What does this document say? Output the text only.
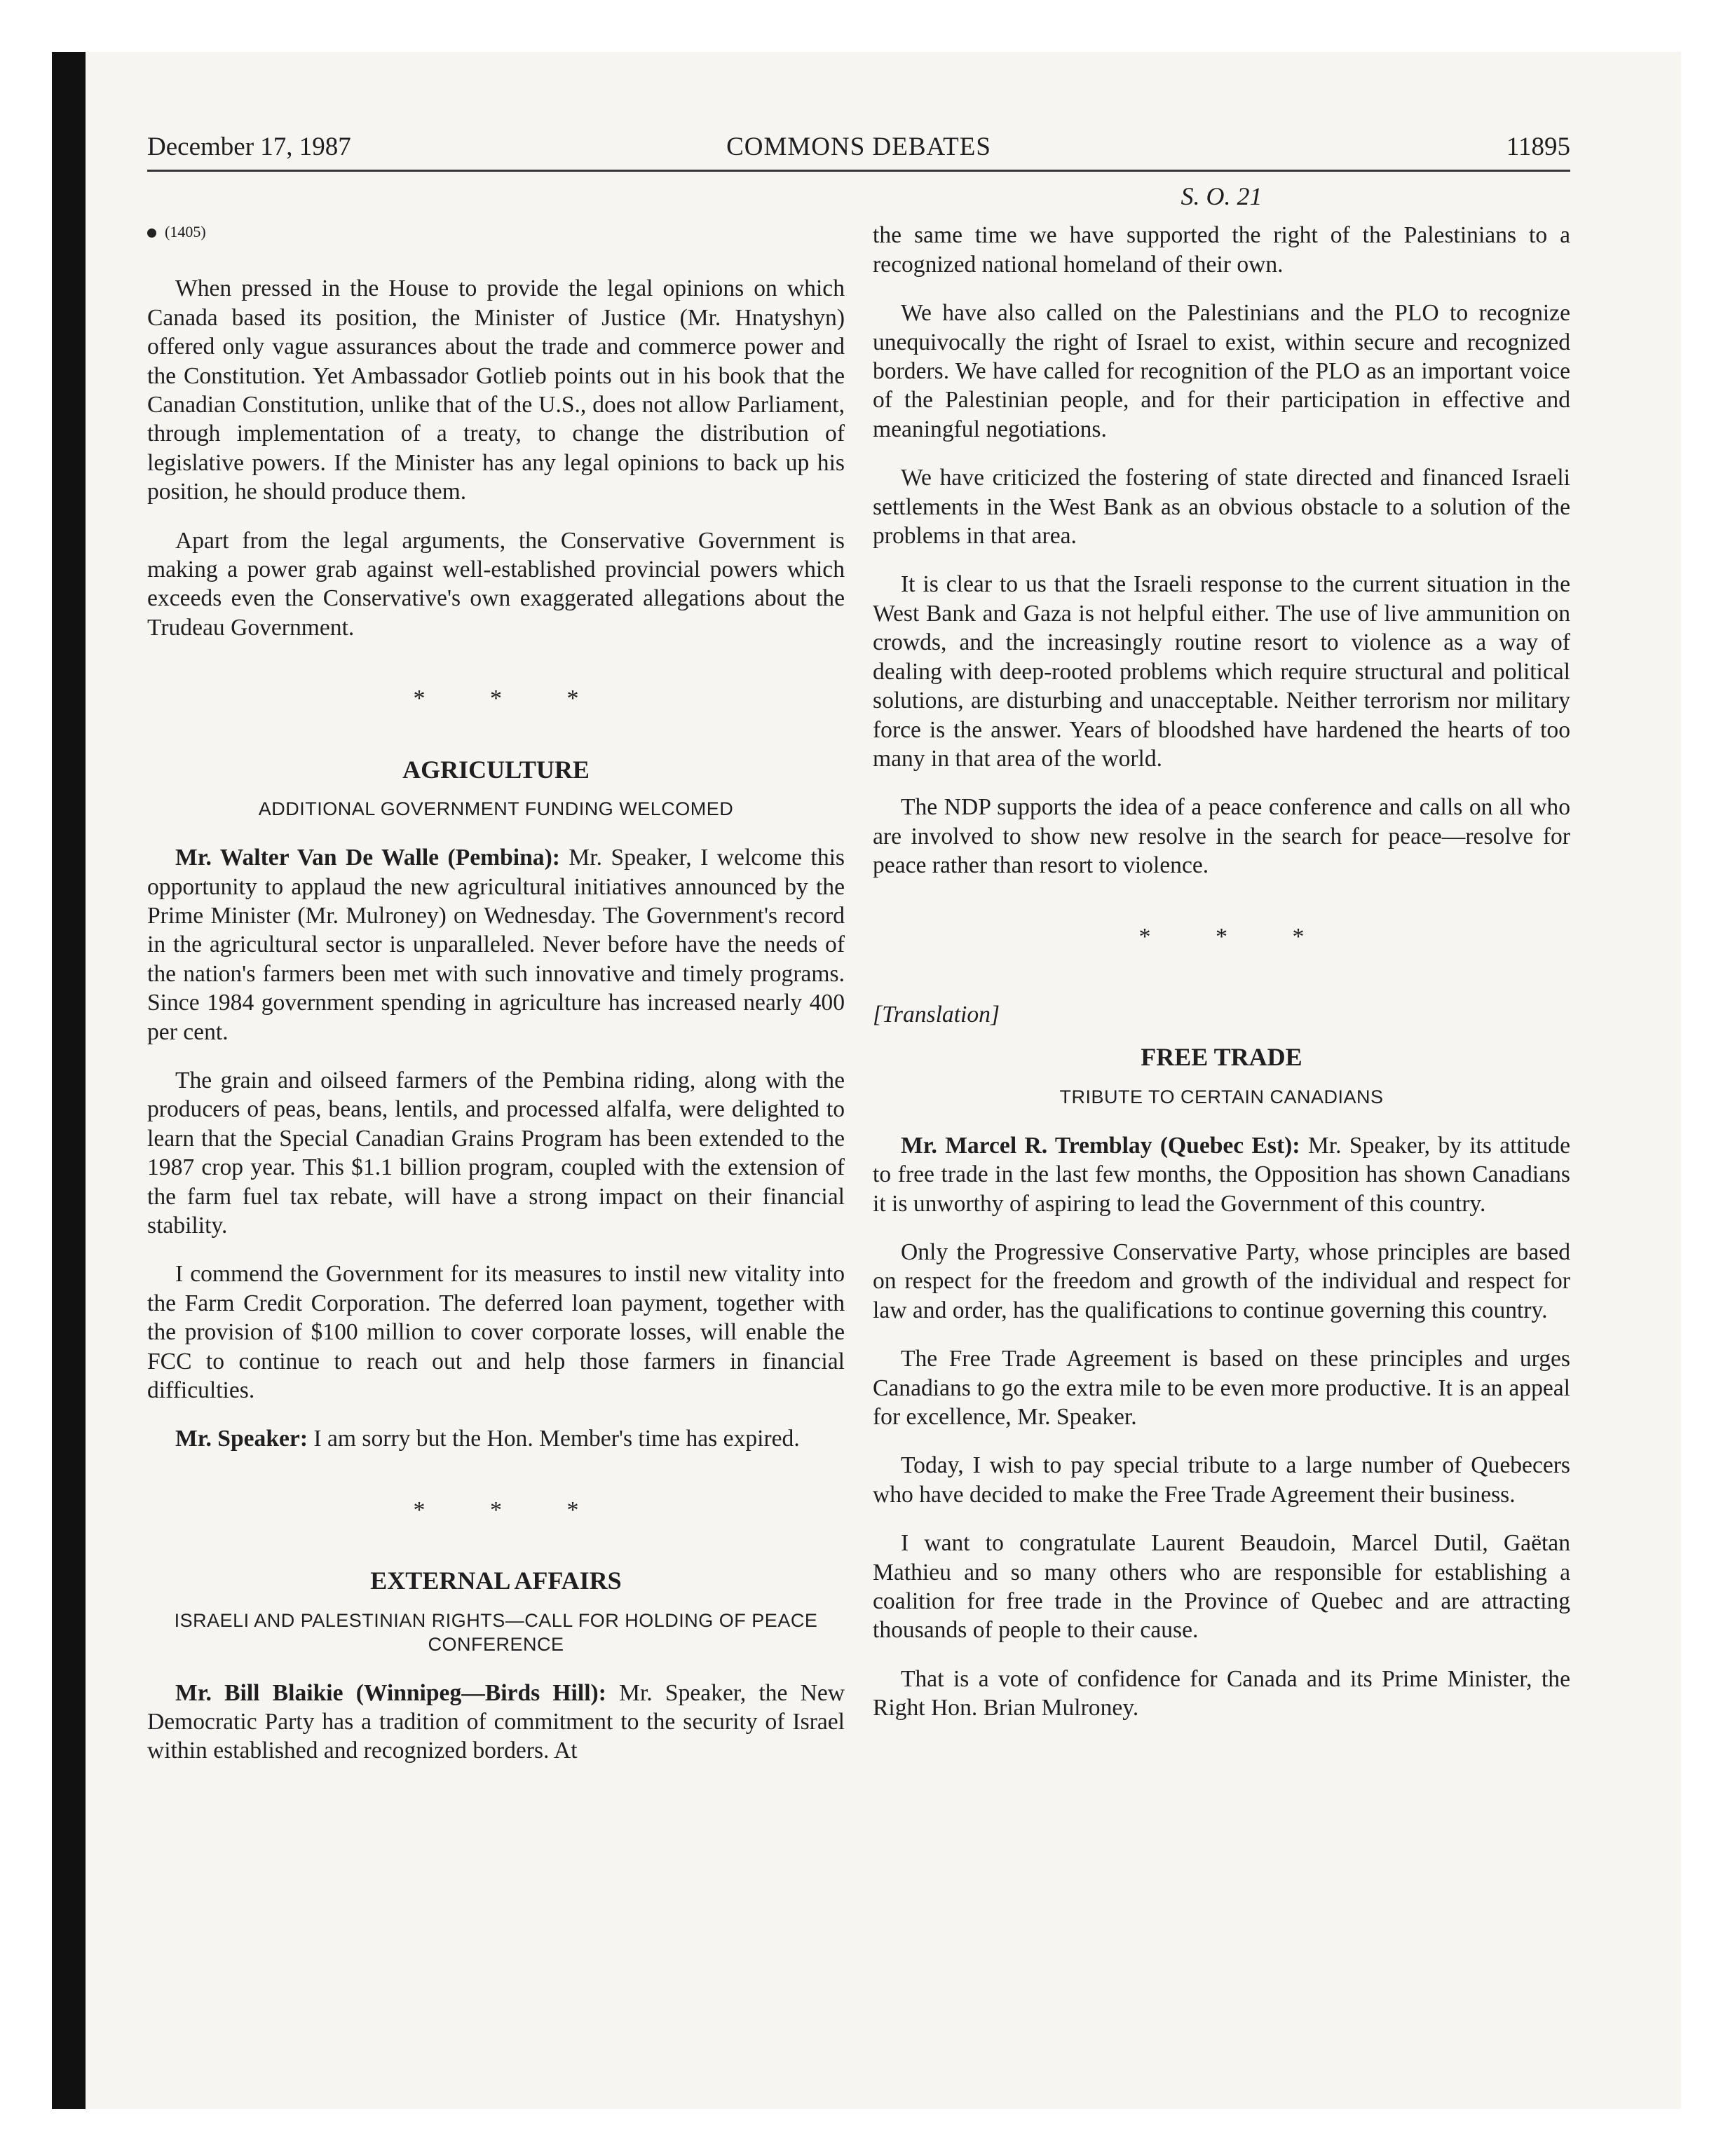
December 17, 1987	COMMONS DEBATES	11895

(1405)

When pressed in the House to provide the legal opinions on which Canada based its position, the Minister of Justice (Mr. Hnatyshyn) offered only vague assurances about the trade and commerce power and the Constitution. Yet Ambassador Gotlieb points out in his book that the Canadian Constitution, unlike that of the U.S., does not allow Parliament, through implementation of a treaty, to change the distribution of legislative powers. If the Minister has any legal opinions to back up his position, he should produce them.

Apart from the legal arguments, the Conservative Government is making a power grab against well-established provincial powers which exceeds even the Conservative's own exaggerated allegations about the Trudeau Government.

* * *

AGRICULTURE

ADDITIONAL GOVERNMENT FUNDING WELCOMED

Mr. Walter Van De Walle (Pembina): Mr. Speaker, I welcome this opportunity to applaud the new agricultural initiatives announced by the Prime Minister (Mr. Mulroney) on Wednesday. The Government's record in the agricultural sector is unparalleled. Never before have the needs of the nation's farmers been met with such innovative and timely programs. Since 1984 government spending in agriculture has increased nearly 400 per cent.

The grain and oilseed farmers of the Pembina riding, along with the producers of peas, beans, lentils, and processed alfalfa, were delighted to learn that the Special Canadian Grains Program has been extended to the 1987 crop year. This $1.1 billion program, coupled with the extension of the farm fuel tax rebate, will have a strong impact on their financial stability.

I commend the Government for its measures to instil new vitality into the Farm Credit Corporation. The deferred loan payment, together with the provision of $100 million to cover corporate losses, will enable the FCC to continue to reach out and help those farmers in financial difficulties.

Mr. Speaker: I am sorry but the Hon. Member's time has expired.

* * *

EXTERNAL AFFAIRS

ISRAELI AND PALESTINIAN RIGHTS—CALL FOR HOLDING OF PEACE CONFERENCE

Mr. Bill Blaikie (Winnipeg—Birds Hill): Mr. Speaker, the New Democratic Party has a tradition of commitment to the security of Israel within established and recognized borders. At

S. O. 21

the same time we have supported the right of the Palestinians to a recognized national homeland of their own.

We have also called on the Palestinians and the PLO to recognize unequivocally the right of Israel to exist, within secure and recognized borders. We have called for recognition of the PLO as an important voice of the Palestinian people, and for their participation in effective and meaningful negotiations.

We have criticized the fostering of state directed and financed Israeli settlements in the West Bank as an obvious obstacle to a solution of the problems in that area.

It is clear to us that the Israeli response to the current situation in the West Bank and Gaza is not helpful either. The use of live ammunition on crowds, and the increasingly routine resort to violence as a way of dealing with deep-rooted problems which require structural and political solutions, are disturbing and unacceptable. Neither terrorism nor military force is the answer. Years of bloodshed have hardened the hearts of too many in that area of the world.

The NDP supports the idea of a peace conference and calls on all who are involved to show new resolve in the search for peace—resolve for peace rather than resort to violence.

* * *

[Translation]

FREE TRADE

TRIBUTE TO CERTAIN CANADIANS

Mr. Marcel R. Tremblay (Quebec Est): Mr. Speaker, by its attitude to free trade in the last few months, the Opposition has shown Canadians it is unworthy of aspiring to lead the Government of this country.

Only the Progressive Conservative Party, whose principles are based on respect for the freedom and growth of the individual and respect for law and order, has the qualifications to continue governing this country.

The Free Trade Agreement is based on these principles and urges Canadians to go the extra mile to be even more productive. It is an appeal for excellence, Mr. Speaker.

Today, I wish to pay special tribute to a large number of Quebecers who have decided to make the Free Trade Agreement their business.

I want to congratulate Laurent Beaudoin, Marcel Dutil, Gaëtan Mathieu and so many others who are responsible for establishing a coalition for free trade in the Province of Quebec and are attracting thousands of people to their cause.

That is a vote of confidence for Canada and its Prime Minister, the Right Hon. Brian Mulroney.
